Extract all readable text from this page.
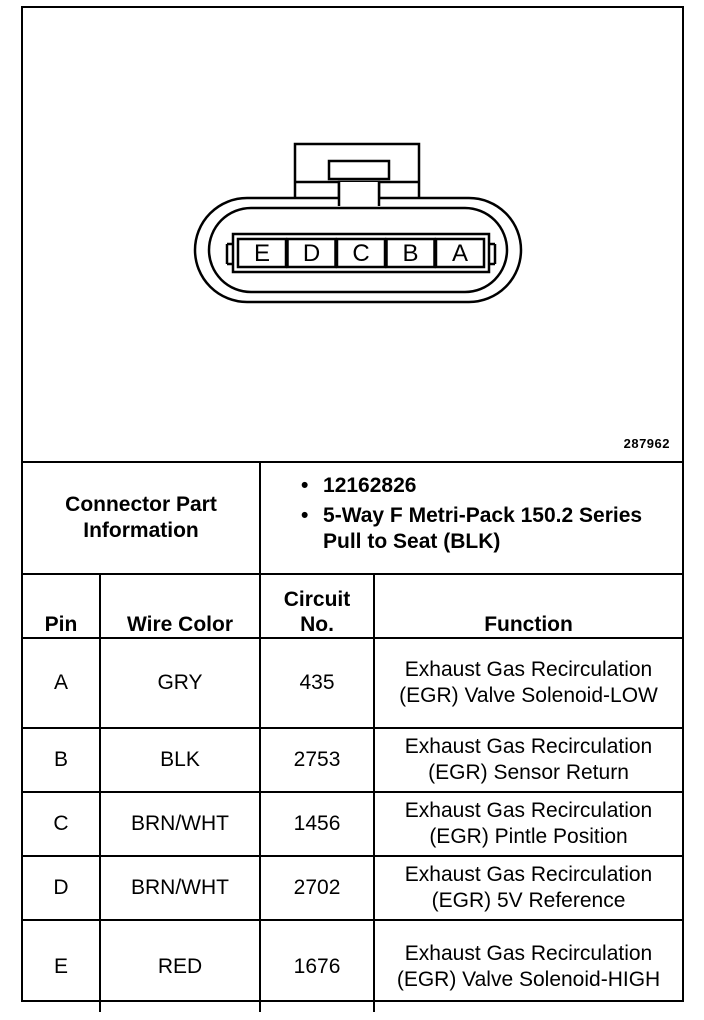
E D C B A
287962
Connector Part Information		• 12162826
• 5-Way F Metri-Pack 150.2 Series Pull to Seat (BLK)	

Pin	Wire Color	Circuit No.	Function
A	GRY	435	Exhaust Gas Recirculation (EGR) Valve Solenoid-LOW
B	BLK	2753	Exhaust Gas Recirculation (EGR) Sensor Return
C	BRN/WHT	1456	Exhaust Gas Recirculation (EGR) Pintle Position
D	BRN/WHT	2702	Exhaust Gas Recirculation (EGR) 5V Reference
E	RED	1676	Exhaust Gas Recirculation (EGR) Valve Solenoid-HIGH
